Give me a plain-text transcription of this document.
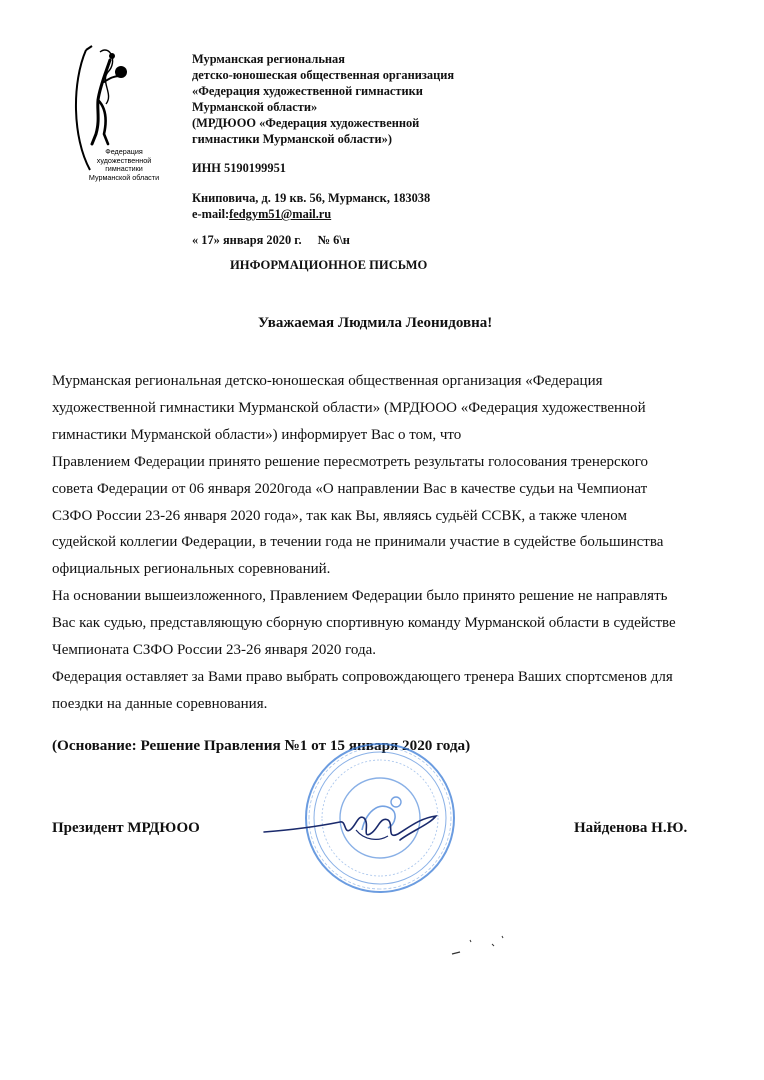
Федерация
художественной
гимнастики
Мурманской области
Мурманская региональная
детско-юношеская общественная организация
«Федерация художественной гимнастики
Мурманской области»
(МРДЮОО «Федерация художественной
гимнастики Мурманской области»)
ИНН 5190199951
Книповича, д. 19 кв. 56, Мурманск, 183038
e-mail:fedgym51@mail.ru
« 17» января 2020 г. № 6\н
ИНФОРМАЦИОННОЕ ПИСЬМО
Уважаемая Людмила Леонидовна!
Мурманская региональная детско-юношеская общественная организация «Федерация
художественной гимнастики Мурманской области» (МРДЮОО «Федерация художественной
гимнастики Мурманской области») информирует Вас о том, что
Правлением Федерации принято решение пересмотреть результаты голосования тренерского
совета Федерации от 06 января 2020года «О направлении Вас в качестве судьи на Чемпионат
СЗФО России 23-26 января 2020 года», так как Вы, являясь судьёй ССВК, а также членом
судейской коллегии Федерации, в течении года не принимали участие в судействе большинства
официальных региональных соревнований.
На основании вышеизложенного, Правлением Федерации было принято решение не направлять
Вас как судью, представляющую сборную спортивную команду Мурманской области в судействе
Чемпионата СЗФО России 23-26 января 2020 года.
Федерация оставляет за Вами право выбрать сопровождающего тренера Ваших спортсменов для
поездки на данные соревнования.
(Основание: Решение Правления №1 от 15 января 2020 года)
Президент МРДЮОО	Найденова Н.Ю.
